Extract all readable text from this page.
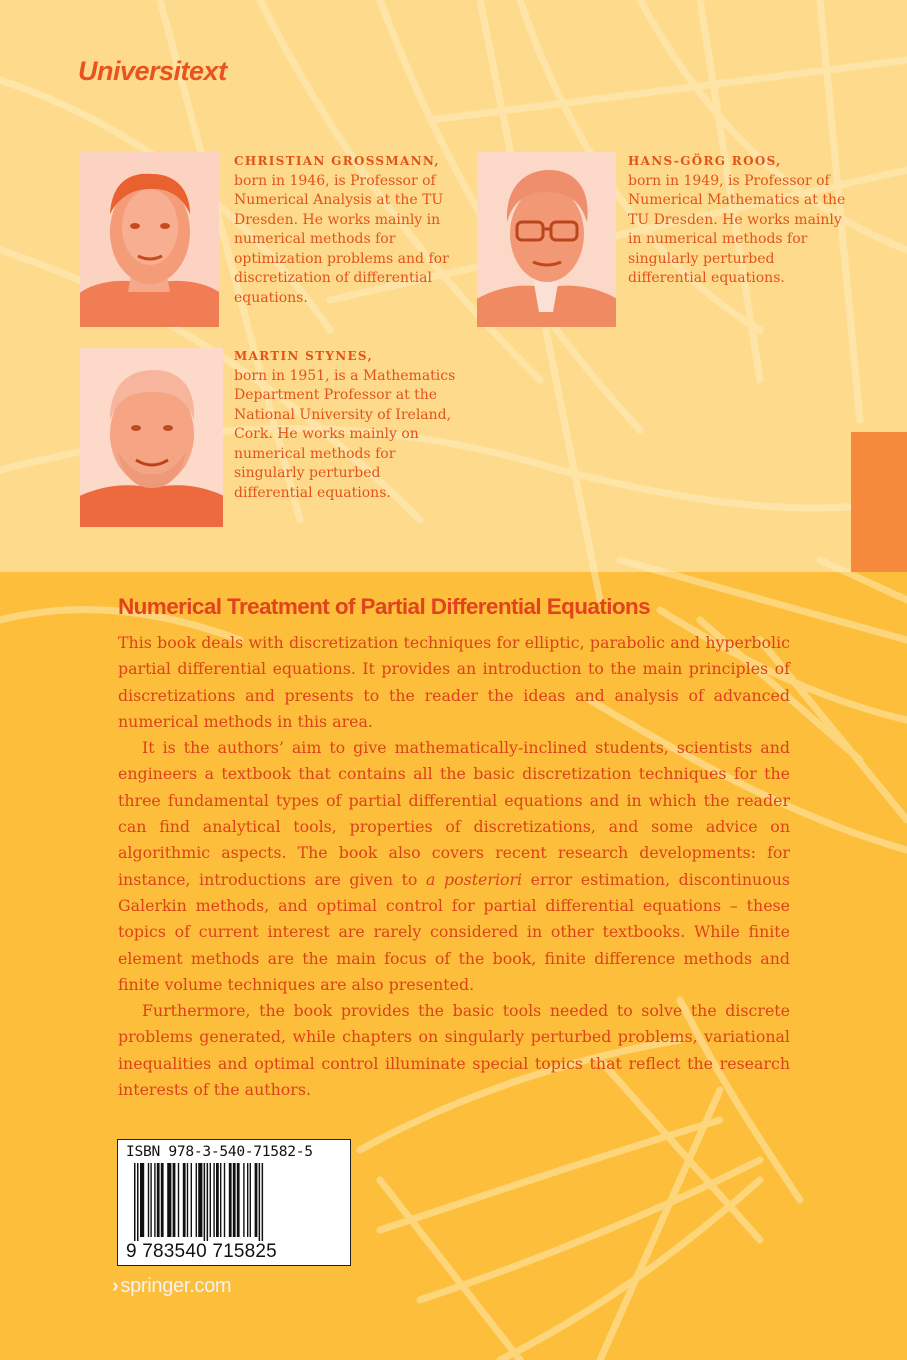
Universitext

CHRISTIAN GROSSMANN,

born in 1946, is Professor of Numerical Analysis at the TU Dresden. He works mainly in numerical methods for optimization problems and for discretization of differential equations.

HANS-GÖRG ROOS,

born in 1949, is Professor of Numerical Mathematics at the TU Dresden. He works mainly in numerical methods for singularly perturbed differential equations.

MARTIN STYNES,

born in 1951, is a Mathematics Department Professor at the National University of Ireland, Cork. He works mainly on numerical methods for singularly perturbed differential equations.

Numerical Treatment of Partial Differential Equations

This book deals with discretization techniques for elliptic, parabolic and hyperbolic partial differential equations. It provides an introduction to the main principles of discretizations and presents to the reader the ideas and analysis of advanced numerical methods in this area.

It is the authors’ aim to give mathematically-inclined students, scientists and engineers a textbook that contains all the basic discretization techniques for the three fundamental types of partial differential equations and in which the reader can find analytical tools, properties of discretizations, and some advice on algorithmic aspects. The book also covers recent research developments: for instance, introductions are given to a posteriori error estimation, discontinuous Galerkin methods, and optimal control for partial differential equations – these topics of current interest are rarely considered in other textbooks. While finite element methods are the main focus of the book, finite difference methods and finite volume techniques are also presented.

Furthermore, the book provides the basic tools needed to solve the discrete problems generated, while chapters on singularly perturbed problems, variational inequalities and optimal control illuminate special topics that reflect the research interests of the authors.

ISBN 978-3-540-71582-5
9 783540 715825

› springer.com
